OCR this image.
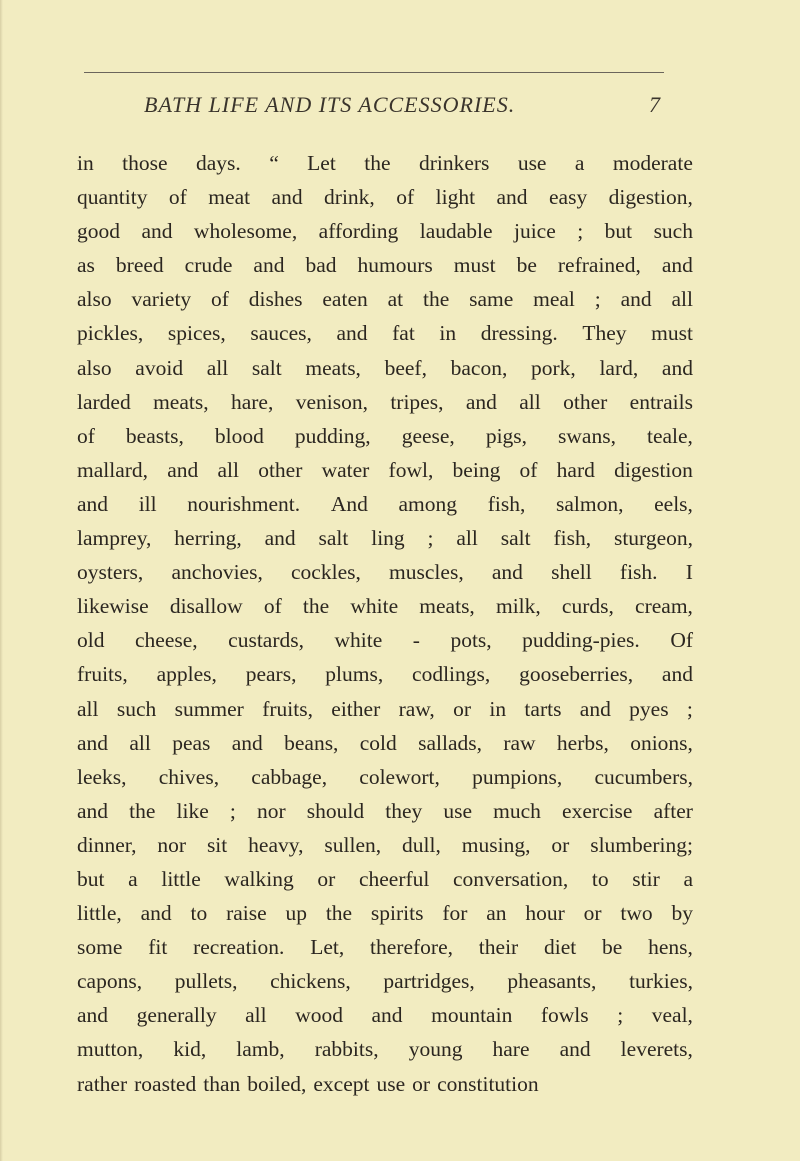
BATH LIFE AND ITS ACCESSORIES.	7
in those days. “ Let the drinkers use a moderate
quantity of meat and drink, of light and easy digestion,
good and wholesome, affording laudable juice ; but such
as breed crude and bad humours must be refrained, and
also variety of dishes eaten at the same meal ; and all
pickles, spices, sauces, and fat in dressing. They must
also avoid all salt meats, beef, bacon, pork, lard, and
larded meats, hare, venison, tripes, and all other entrails
of beasts, blood pudding, geese, pigs, swans, teale,
mallard, and all other water fowl, being of hard digestion
and ill nourishment. And among fish, salmon, eels,
lamprey, herring, and salt ling ; all salt fish, sturgeon,
oysters, anchovies, cockles, muscles, and shell fish. I
likewise disallow of the white meats, milk, curds, cream,
old cheese, custards, white - pots, pudding-pies. Of
fruits, apples, pears, plums, codlings, gooseberries, and
all such summer fruits, either raw, or in tarts and pyes ;
and all peas and beans, cold sallads, raw herbs, onions,
leeks, chives, cabbage, colewort, pumpions, cucumbers,
and the like ; nor should they use much exercise after
dinner, nor sit heavy, sullen, dull, musing, or slumbering;
but a little walking or cheerful conversation, to stir a
little, and to raise up the spirits for an hour or two by
some fit recreation. Let, therefore, their diet be hens,
capons, pullets, chickens, partridges, pheasants, turkies,
and generally all wood and mountain fowls ; veal,
mutton, kid, lamb, rabbits, young hare and leverets,
rather roasted than boiled, except use or constitution
